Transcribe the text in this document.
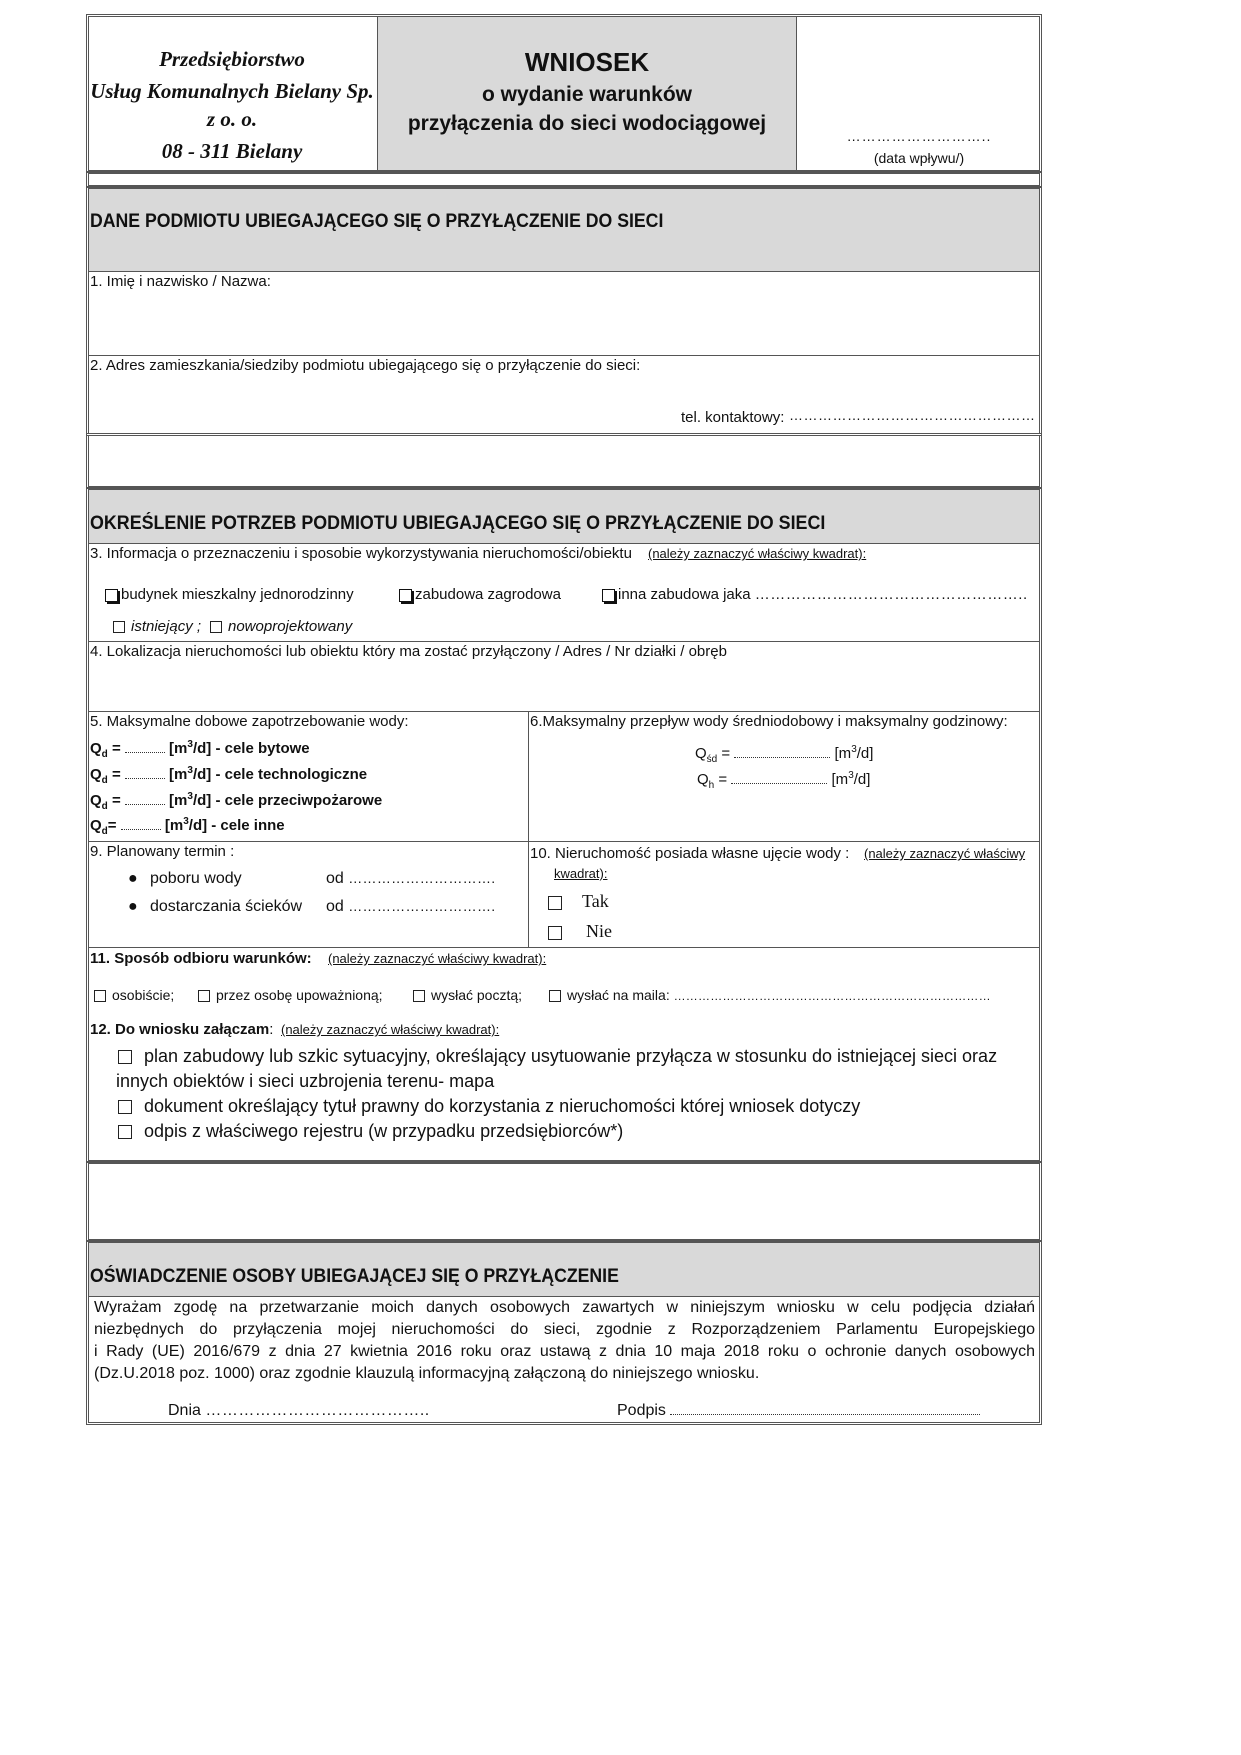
Przedsiębiorstwo
Usług Komunalnych Bielany Sp.
z o. o.
08 - 311 Bielany
WNIOSEK
o wydanie warunków
przyłączenia do sieci wodociągowej
………………………..
(data wpływu/)
DANE PODMIOTU UBIEGAJĄCEGO SIĘ O PRZYŁĄCZENIE DO SIECI
1. Imię i nazwisko / Nazwa:
2. Adres zamieszkania/siedziby podmiotu ubiegającego się o przyłączenie do sieci:
tel. kontaktowy: ……………………………………………
OKREŚLENIE POTRZEB PODMIOTU UBIEGAJĄCEGO SIĘ O PRZYŁĄCZENIE DO SIECI
3. Informacja o przeznaczeniu i sposobie wykorzystywania nieruchomości/obiektu (należy zaznaczyć właściwy kwadrat):
budynek mieszkalny jednorodzinny	zabudowa zagrodowa	inna zabudowa jaka ……………………………………………..
istniejący ;	nowoprojektowany
4. Lokalizacja nieruchomości lub obiektu który ma zostać przyłączony / Adres / Nr działki / obręb
5. Maksymalne dobowe zapotrzebowanie wody:
$Q_d$ =	$[m^3/d]$ - cele bytowe
$Q_d$ =	$[m^3/d]$ - cele technologiczne
$Q_d$ =	$[m^3/d]$ - cele przeciwpożarowe
$Q_d=$	$[m^3/d]$ - cele inne
6.Maksymalny przepływ wody średniodobowy i maksymalny godzinowy:
$Q_{śd}$ =	$[m^3/d]$
$Q_h$ =	$[m^3/d]$
9. Planowany termin :
● poboru wody	od ………………………….
● dostarczania ścieków od ………………………….
10. Nieruchomość posiada własne ujęcie wody : (należy zaznaczyć właściwy
kwadrat):
Tak
Nie
11. Sposób odbioru warunków: (należy zaznaczyć właściwy kwadrat):
osobiście;	przez osobę upoważnioną;	wysłać pocztą;	wysłać na maila: ……………………………………………………………………
12. Do wniosku załączam: (należy zaznaczyć właściwy kwadrat):
plan zabudowy lub szkic sytuacyjny, określający usytuowanie przyłącza w stosunku do istniejącej sieci oraz
innych obiektów i sieci uzbrojenia terenu- mapa
dokument określający tytuł prawny do korzystania z nieruchomości której wniosek dotyczy
odpis z właściwego rejestru (w przypadku przedsiębiorców*)
OŚWIADCZENIE OSOBY UBIEGAJĄCEJ SIĘ O PRZYŁĄCZENIE
Wyrażam zgodę na przetwarzanie moich danych osobowych zawartych w niniejszym wniosku w celu podjęcia działań
niezbędnych do przyłączenia mojej nieruchomości do sieci, zgodnie z Rozporządzeniem Parlamentu Europejskiego
i Rady (UE) 2016/679 z dnia 27 kwietnia 2016 roku oraz ustawą z dnia 10 maja 2018 roku o ochronie danych osobowych
(Dz.U.2018 poz. 1000) oraz zgodnie klauzulą informacyjną załączoną do niniejszego wniosku.
Dnia …………………………………..	Podpis
